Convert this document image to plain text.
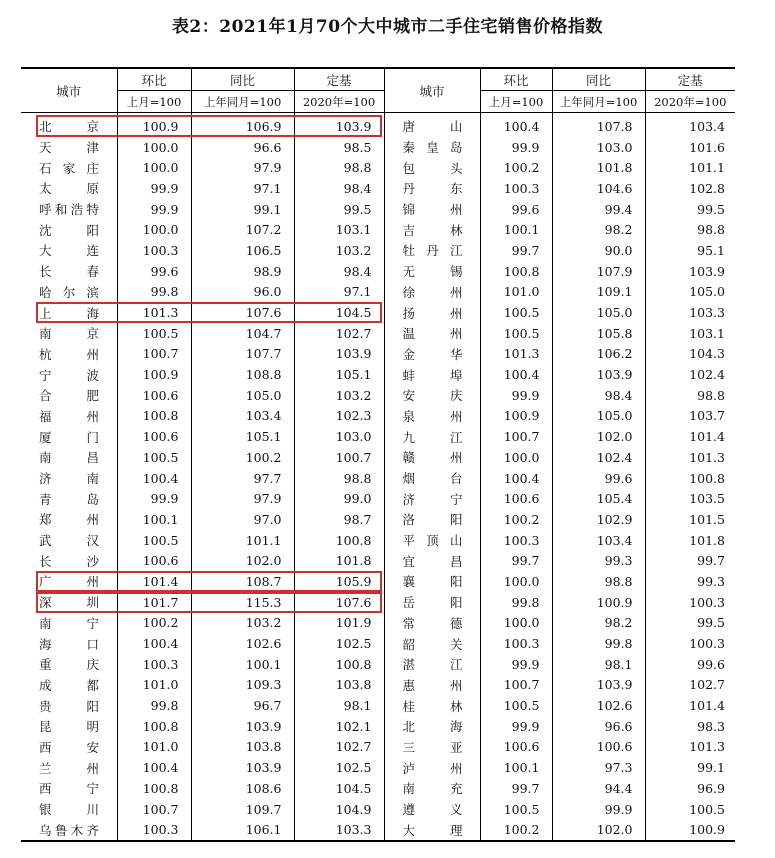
表2：2021年1月70个大中城市二手住宅销售价格指数
城市	环比	同比	定基	城市	环比	同比	定基
	上月=100	上年同月=100	2020年=100		上月=100	上年同月=100	2020年=100

北京	100.9	106.9	103.9	唐山	100.4	107.8	103.4

天津	100.0	96.6	98.5	秦皇岛	99.9	103.0	101.6

石家庄	100.0	97.9	98.8	包头	100.2	101.8	101.1

太原	99.9	97.1	98.4	丹东	100.3	104.6	102.8

呼和浩特	99.9	99.1	99.5	锦州	99.6	99.4	99.5

沈阳	100.0	107.2	103.1	吉林	100.1	98.2	98.8

大连	100.3	106.5	103.2	牡丹江	99.7	90.0	95.1

长春	99.6	98.9	98.4	无锡	100.8	107.9	103.9

哈尔滨	99.8	96.0	97.1	徐州	101.0	109.1	105.0

上海	101.3	107.6	104.5	扬州	100.5	105.0	103.3

南京	100.5	104.7	102.7	温州	100.5	105.8	103.1

杭州	100.7	107.7	103.9	金华	101.3	106.2	104.3

宁波	100.9	108.8	105.1	蚌埠	100.4	103.9	102.4

合肥	100.6	105.0	103.2	安庆	99.9	98.4	98.8

福州	100.8	103.4	102.3	泉州	100.9	105.0	103.7

厦门	100.6	105.1	103.0	九江	100.7	102.0	101.4

南昌	100.5	100.2	100.7	赣州	100.0	102.4	101.3

济南	100.4	97.7	98.8	烟台	100.4	99.6	100.8

青岛	99.9	97.9	99.0	济宁	100.6	105.4	103.5

郑州	100.1	97.0	98.7	洛阳	100.2	102.9	101.5

武汉	100.5	101.1	100.8	平顶山	100.3	103.4	101.8

长沙	100.6	102.0	101.8	宜昌	99.7	99.3	99.7

广州	101.4	108.7	105.9	襄阳	100.0	98.8	99.3

深圳	101.7	115.3	107.6	岳阳	99.8	100.9	100.3

南宁	100.2	103.2	101.9	常德	100.0	98.2	99.5

海口	100.4	102.6	102.5	韶关	100.3	99.8	100.3

重庆	100.3	100.1	100.8	湛江	99.9	98.1	99.6

成都	101.0	109.3	103.8	惠州	100.7	103.9	102.7

贵阳	99.8	96.7	98.1	桂林	100.5	102.6	101.4

昆明	100.8	103.9	102.1	北海	99.9	96.6	98.3

西安	101.0	103.8	102.7	三亚	100.6	100.6	101.3

兰州	100.4	103.9	102.5	泸州	100.1	97.3	99.1

西宁	100.8	108.6	104.5	南充	99.7	94.4	96.9

银川	100.7	109.7	104.9	遵义	100.5	99.9	100.5

乌鲁木齐	100.3	106.1	103.3	大理	100.2	102.0	100.9
